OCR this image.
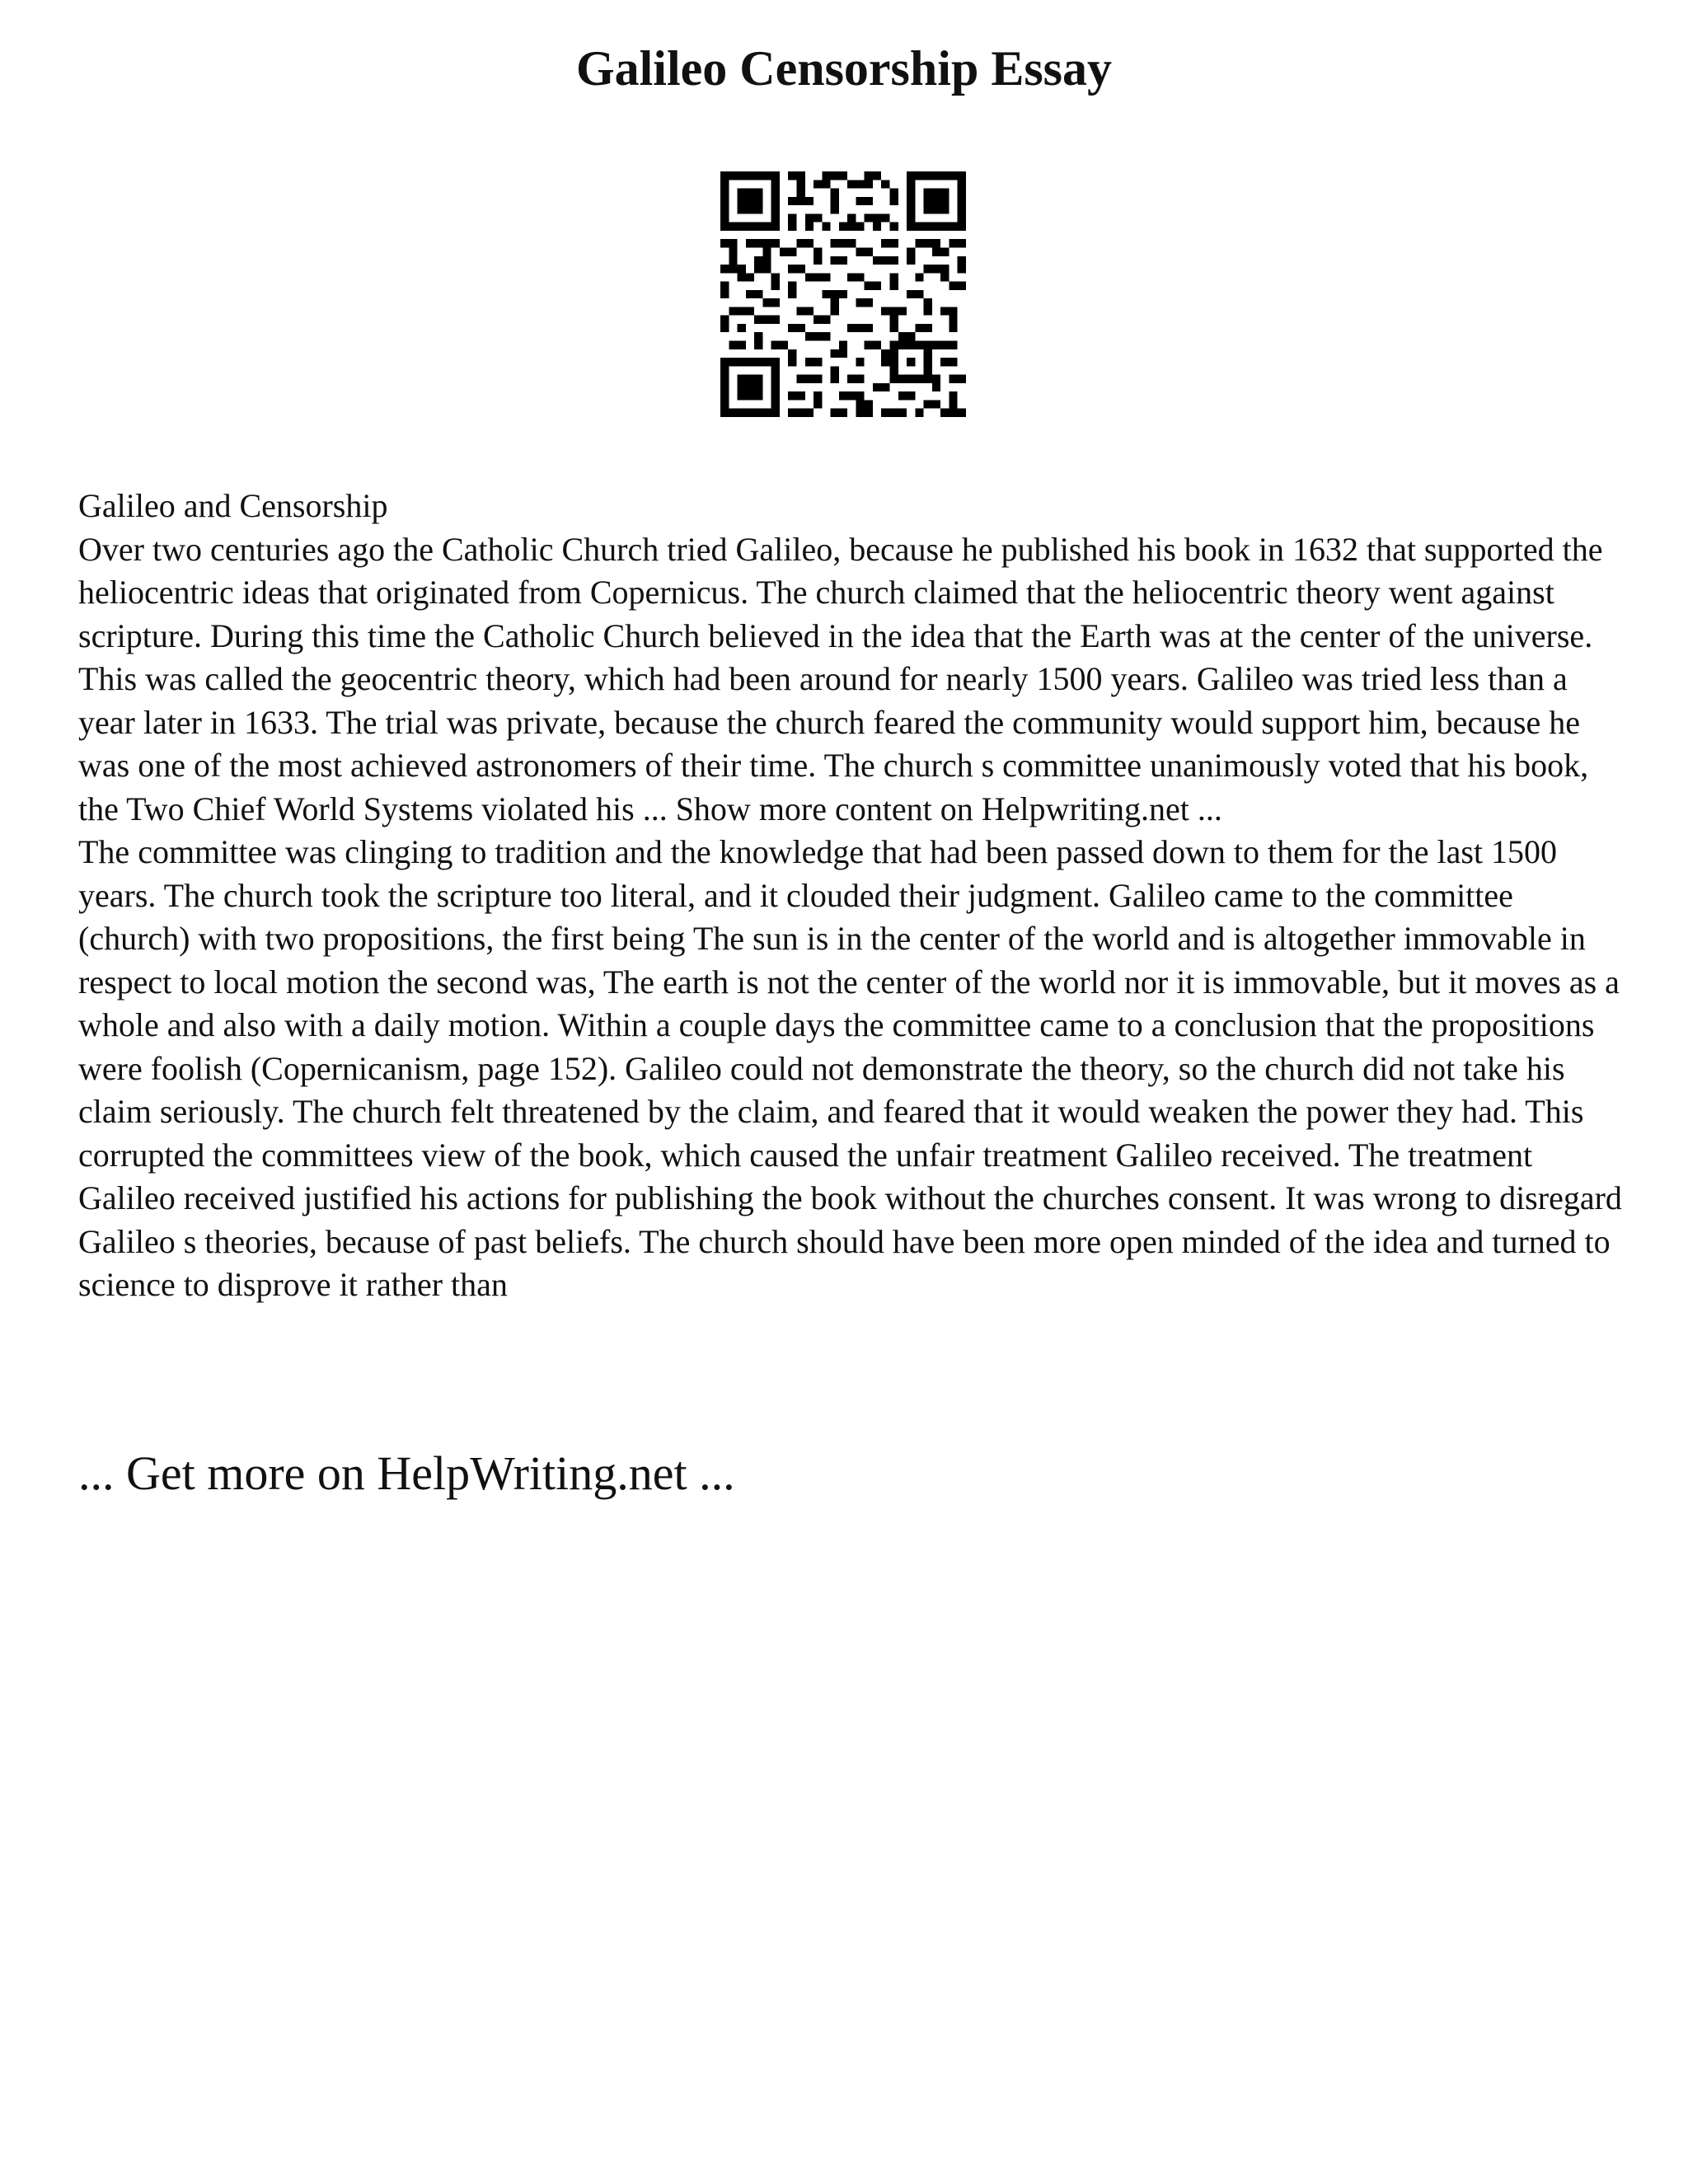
Galileo Censorship Essay

Galileo and Censorship

Over two centuries ago the Catholic Church tried Galileo, because he published his book in 1632 that supported the heliocentric ideas that originated from Copernicus. The church claimed that the heliocentric theory went against scripture. During this time the Catholic Church believed in the idea that the Earth was at the center of the universe. This was called the geocentric theory, which had been around for nearly 1500 years. Galileo was tried less than a year later in 1633. The trial was private, because the church feared the community would support him, because he was one of the most achieved astronomers of their time. The church s committee unanimously voted that his book, the Two Chief World Systems violated his ... Show more content on Helpwriting.net ...

The committee was clinging to tradition and the knowledge that had been passed down to them for the last 1500 years. The church took the scripture too literal, and it clouded their judgment. Galileo came to the committee (church) with two propositions, the first being The sun is in the center of the world and is altogether immovable in respect to local motion the second was, The earth is not the center of the world nor it is immovable, but it moves as a whole and also with a daily motion. Within a couple days the committee came to a conclusion that the propositions were foolish (Copernicanism, page 152). Galileo could not demonstrate the theory, so the church did not take his claim seriously. The church felt threatened by the claim, and feared that it would weaken the power they had. This corrupted the committees view of the book, which caused the unfair treatment Galileo received. The treatment Galileo received justified his actions for publishing the book without the churches consent. It was wrong to disregard Galileo s theories, because of past beliefs. The church should have been more open minded of the idea and turned to science to disprove it rather than

... Get more on HelpWriting.net ...
